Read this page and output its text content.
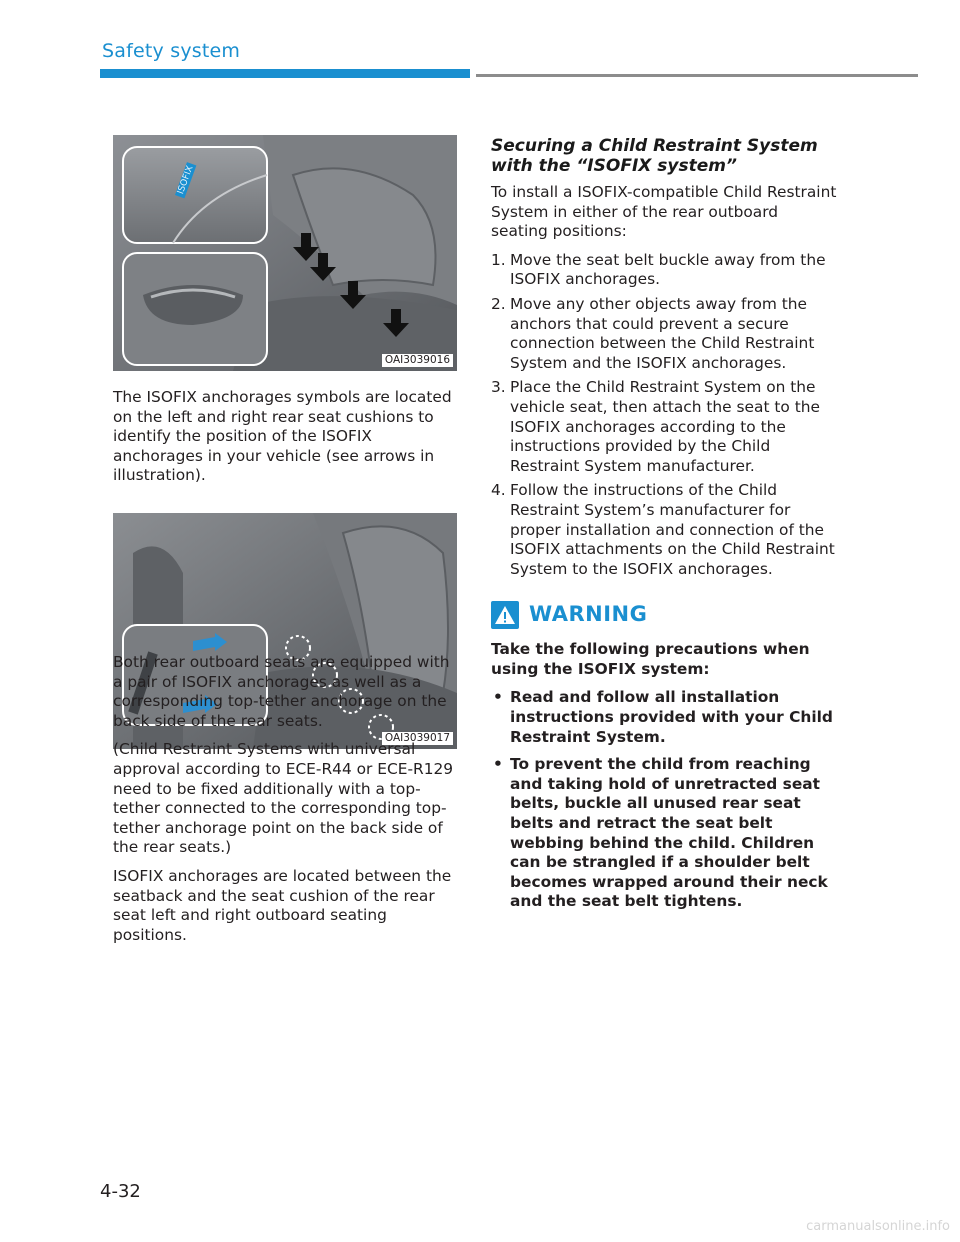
Safety system
ISOFIX
OAI3039016
OAI3039017

The ISOFIX anchorages symbols are located on the left and right rear seat cushions to identify the position of the ISOFIX anchorages in your vehicle (see arrows in illustration).

Both rear outboard seats are equipped with a pair of ISOFIX anchorages as well as a corresponding top-tether anchorage on the back side of the rear seats.

(Child Restraint Systems with universal approval according to ECE-R44 or ECE-R129 need to be fixed additionally with a top-tether connected to the corresponding top-tether anchorage point on the back side of the rear seats.)

ISOFIX anchorages are located between the seatback and the seat cushion of the rear seat left and right outboard seating positions.

Securing a Child Restraint System with the “ISOFIX system”

To install a ISOFIX-compatible Child Restraint System in either of the rear outboard seating positions:

1. Move the seat belt buckle away from the ISOFIX anchorages.
2. Move any other objects away from the anchors that could prevent a secure connection between the Child Restraint System and the ISOFIX anchorages.
3. Place the Child Restraint System on the vehicle seat, then attach the seat to the ISOFIX anchorages according to the instructions provided by the Child Restraint System manufacturer.
4. Follow the instructions of the Child Restraint System’s manufacturer for proper installation and connection of the ISOFIX attachments on the Child Restraint System to the ISOFIX anchorages.
WARNING

Take the following precautions when using the ISOFIX system:

• Read and follow all installation instructions provided with your Child Restraint System.
• To prevent the child from reaching and taking hold of unretracted seat belts, buckle all unused rear seat belts and retract the seat belt webbing behind the child. Children can be strangled if a shoulder belt becomes wrapped around their neck and the seat belt tightens.
4-32
carmanualsonline.info
